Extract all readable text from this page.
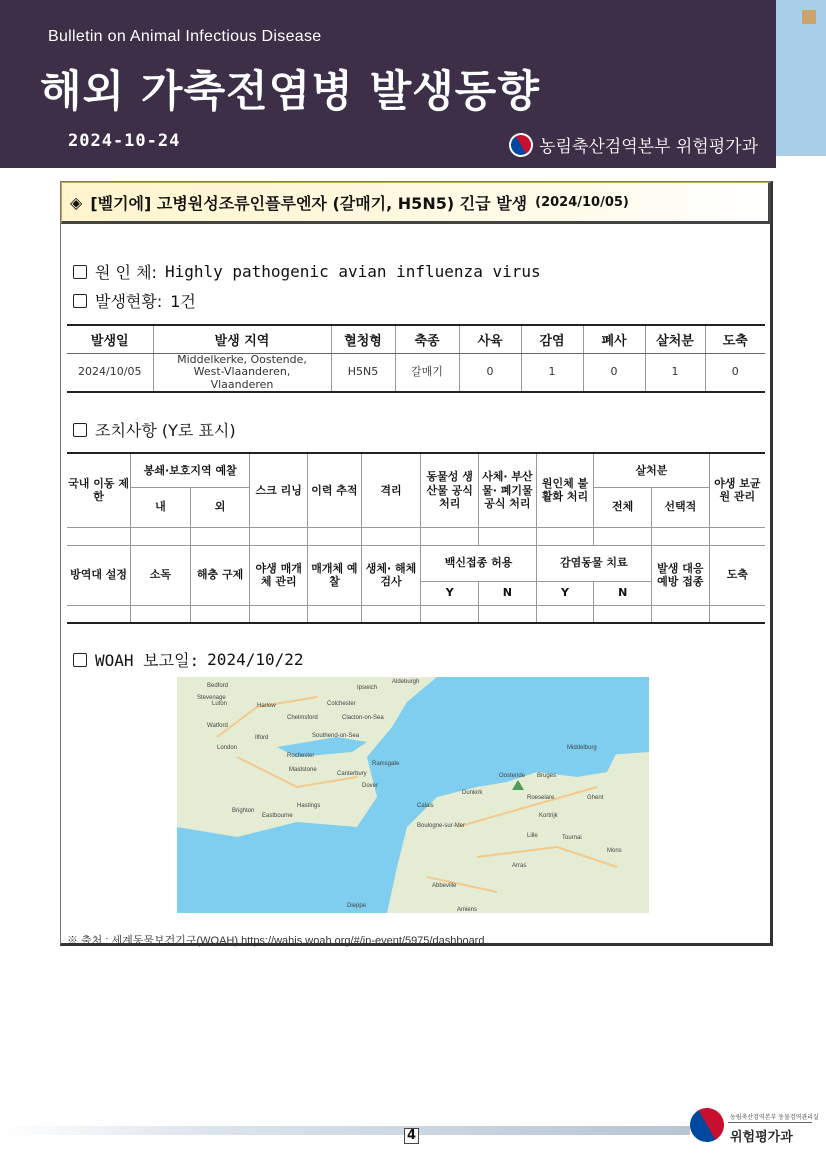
Bulletin on Animal Infectious Disease
해외 가축전염병 발생동향
2024-10-24	농림축산검역본부 위험평가과
◈ [벨기에] 고병원성조류인플루엔자 (갈매기, H5N5) 긴급 발생 (2024/10/05)
원 인 체: Highly pathogenic avian influenza virus
발생현황: 1건
발생일	발생 지역	혈청형	축종	사육	감염	폐사	살처분	도축
2024/10/05	Middelkerke, Oostende, West-Vlaanderen, Vlaanderen	H5N5	갈매기	0	1	0	1	0
조치사항 (Y로 표시)
국내 이동 제한	봉쇄·보호지역 예찰		스크 리닝	이력 추적	격리	동물성 생산물 공식 처리	사체· 부산물· 폐기물 공식 처리	원인체 불활화 처리	살처분		야생 보균원 관리
	내	외							전체	선택적	

방역대 설정	소독	해충 구제	야생 매개체 관리	매개체 예찰	생체· 해체 검사	백신접종 허용		감염동물 치료		발생 대응 예방 접종	도축
						Y	N	Y	N		

WOAH 보고일: 2024/10/22
Bedford	Ipswich
Aldeburgh
Luton	Colchester
Stevenage
Harlow
Chelmsford	Clacton-on-Sea
Watford
Southend-on-Sea
London
Ilford
Rochester
Maidstone
Canterbury
Ramsgate
Dover
Brighton
Eastbourne
Hastings	Calais
Dunkirk
Boulogne-sur-Mer
Oostende Bruges
Ghent
Middelburg
Roeselare
Kortrijk
Lille	Tournai
Mons
Arras
Abbeville
Amiens
Dieppe
※ 출처 : 세계동물보건기구(WOAH) https://wahis.woah.org/#/in-event/5975/dashboard
4
농림축산검역본부 동물검역관리실
위험평가과
